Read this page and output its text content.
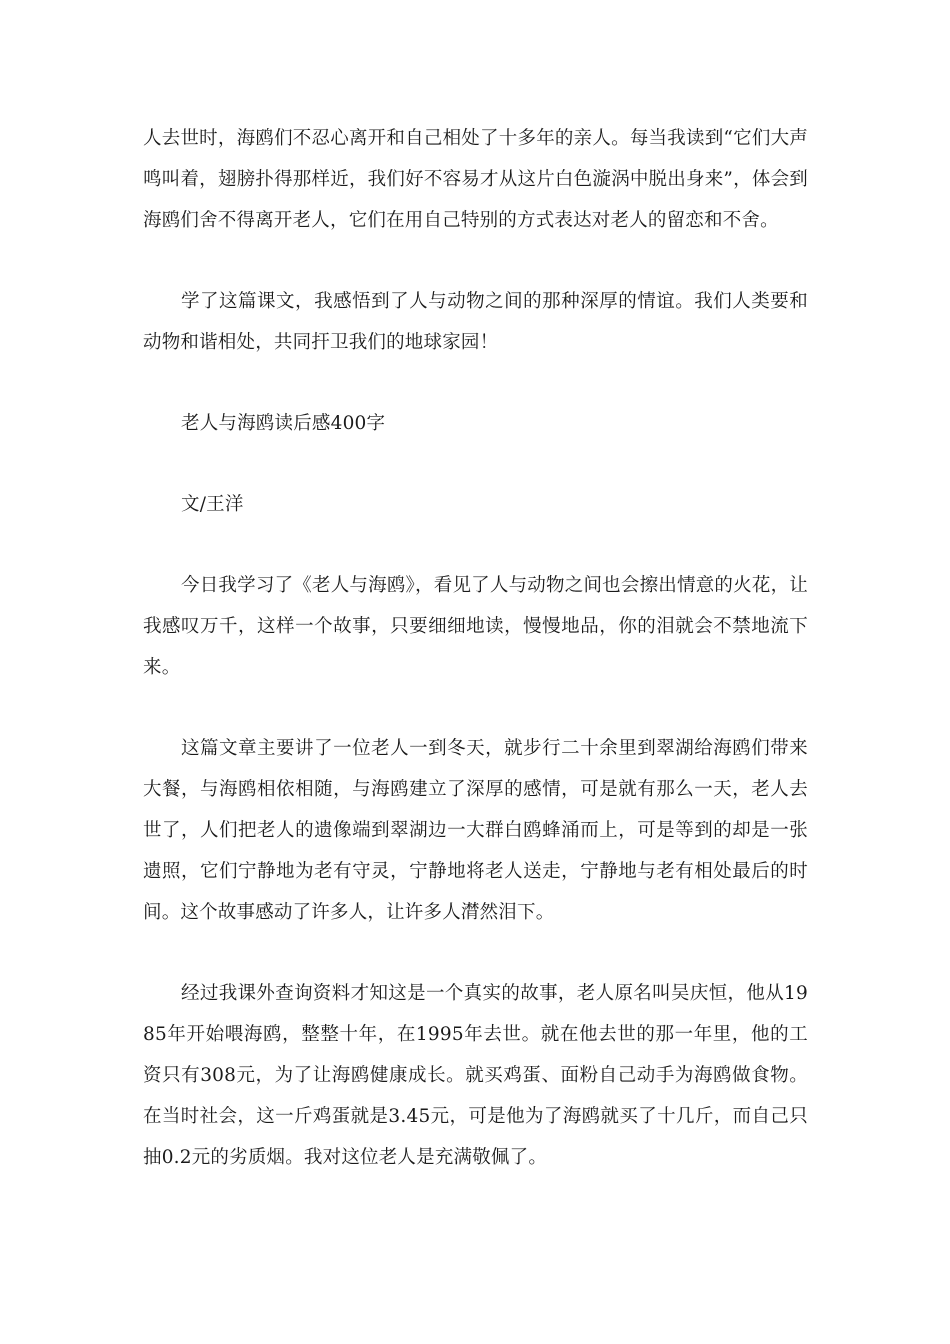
人去世时，海鸥们不忍心离开和自己相处了十多年的亲人。每当我读到“它们大声鸣叫着，翅膀扑得那样近，我们好不容易才从这片白色漩涡中脱出身来”，体会到海鸥们舍不得离开老人，它们在用自己特别的方式表达对老人的留恋和不舍。

学了这篇课文，我感悟到了人与动物之间的那种深厚的情谊。我们人类要和动物和谐相处，共同扞卫我们的地球家园！

老人与海鸥读后感400字

文/王洋

今日我学习了《老人与海鸥》，看见了人与动物之间也会擦出情意的火花，让我感叹万千，这样一个故事，只要细细地读，慢慢地品，你的泪就会不禁地流下来。

这篇文章主要讲了一位老人一到冬天，就步行二十余里到翠湖给海鸥们带来大餐，与海鸥相依相随，与海鸥建立了深厚的感情，可是就有那么一天，老人去世了，人们把老人的遗像端到翠湖边一大群白鸥蜂涌而上，可是等到的却是一张遗照，它们宁静地为老有守灵，宁静地将老人送走，宁静地与老有相处最后的时间。这个故事感动了许多人，让许多人潸然泪下。

经过我课外查询资料才知这是一个真实的故事，老人原名叫吴庆恒，他从1985年开始喂海鸥，整整十年，在1995年去世。就在他去世的那一年里，他的工资只有308元，为了让海鸥健康成长。就买鸡蛋、面粉自己动手为海鸥做食物。在当时社会，这一斤鸡蛋就是3.45元，可是他为了海鸥就买了十几斤，而自己只抽0.2元的劣质烟。我对这位老人是充满敬佩了。
